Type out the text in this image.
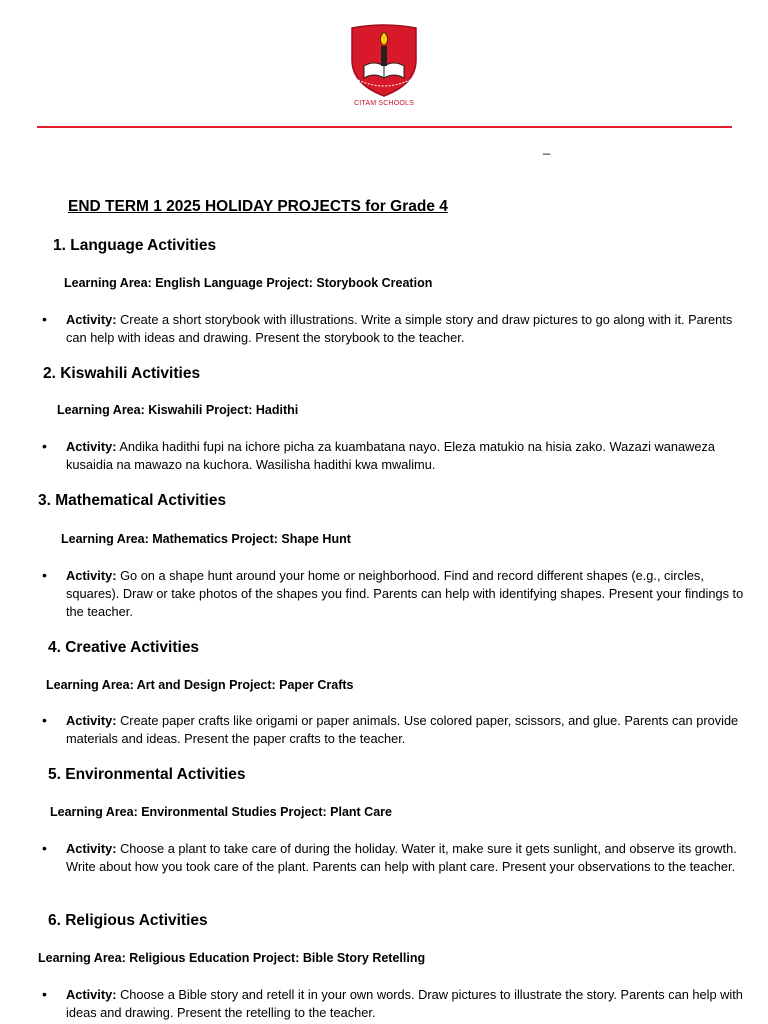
CITAM SCHOOLS
_
END TERM 1 2025 HOLIDAY PROJECTS for Grade 4
1. Language Activities
Learning Area: English Language Project: Storybook Creation
• Activity: Create a short storybook with illustrations. Write a simple story and draw pictures to go along with it. Parents can help with ideas and drawing. Present the storybook to the teacher.
2. Kiswahili Activities
Learning Area: Kiswahili Project: Hadithi
• Activity: Andika hadithi fupi na ichore picha za kuambatana nayo. Eleza matukio na hisia zako. Wazazi wanaweza kusaidia na mawazo na kuchora. Wasilisha hadithi kwa mwalimu.
3. Mathematical Activities
Learning Area: Mathematics Project: Shape Hunt
• Activity: Go on a shape hunt around your home or neighborhood. Find and record different shapes (e.g., circles, squares). Draw or take photos of the shapes you find. Parents can help with identifying shapes. Present your findings to the teacher.
4. Creative Activities
Learning Area: Art and Design Project: Paper Crafts
• Activity: Create paper crafts like origami or paper animals. Use colored paper, scissors, and glue. Parents can provide materials and ideas. Present the paper crafts to the teacher.
5. Environmental Activities
Learning Area: Environmental Studies Project: Plant Care
• Activity: Choose a plant to take care of during the holiday. Water it, make sure it gets sunlight, and observe its growth. Write about how you took care of the plant. Parents can help with plant care. Present your observations to the teacher.
6. Religious Activities
Learning Area: Religious Education Project: Bible Story Retelling
• Activity: Choose a Bible story and retell it in your own words. Draw pictures to illustrate the story. Parents can help with ideas and drawing. Present the retelling to the teacher.
